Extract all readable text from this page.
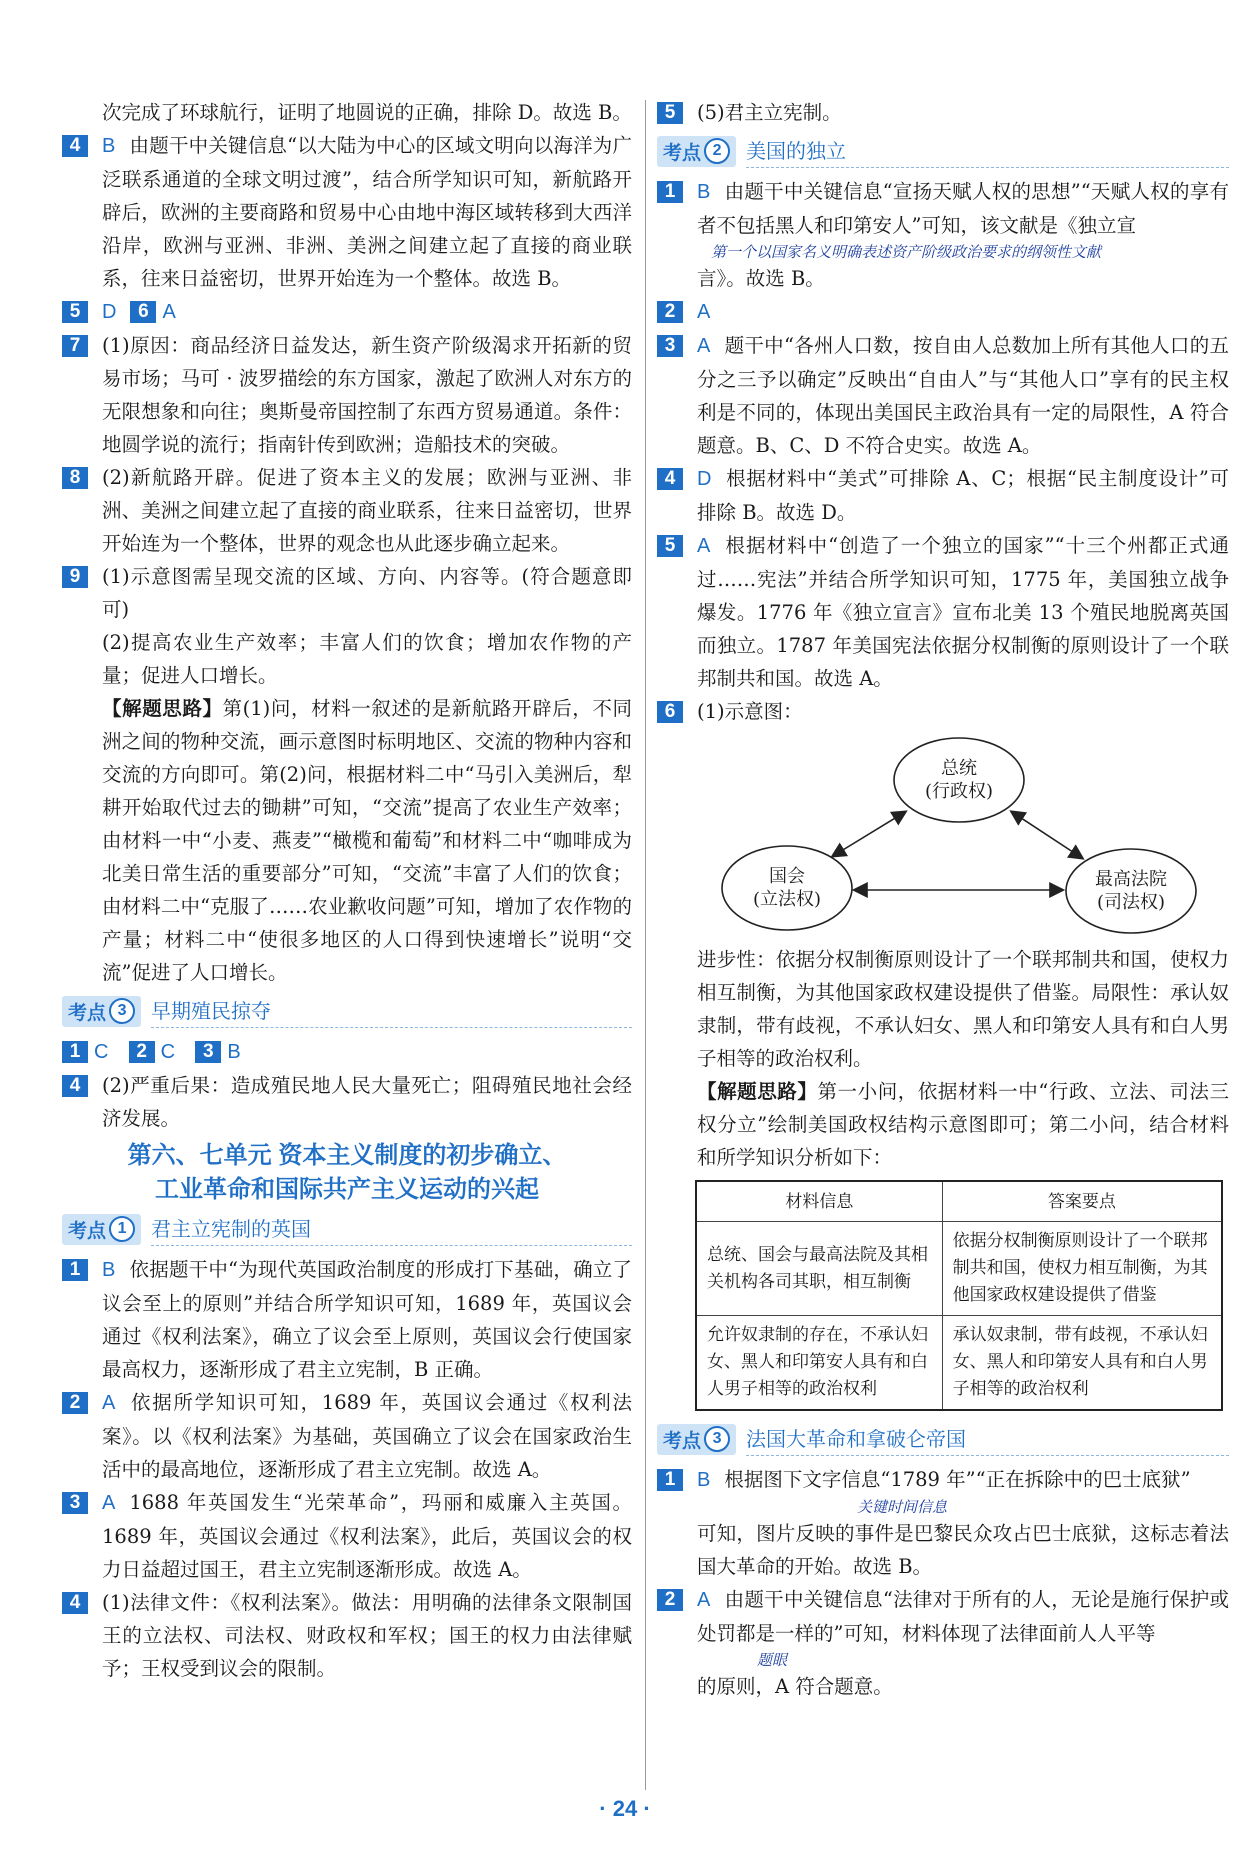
次完成了环球航行，证明了地圆说的正确，排除 D。故选 B。

4	B 由题干中关键信息“以大陆为中心的区域文明向以海洋为广泛联系通道的全球文明过渡”，结合所学知识可知，新航路开辟后，欧洲的主要商路和贸易中心由地中海区域转移到大西洋沿岸，欧洲与亚洲、非洲、美洲之间建立起了直接的商业联系，往来日益密切，世界开始连为一个整体。故选 B。

5	D 6 A

7	(1)原因：商品经济日益发达，新生资产阶级渴求开拓新的贸易市场；马可 · 波罗描绘的东方国家，激起了欧洲人对东方的无限想象和向往；奥斯曼帝国控制了东西方贸易通道。条件：地圆学说的流行；指南针传到欧洲；造船技术的突破。

8	(2)新航路开辟。促进了资本主义的发展；欧洲与亚洲、非洲、美洲之间建立起了直接的商业联系，往来日益密切，世界开始连为一个整体，世界的观念也从此逐步确立起来。

9	(1)示意图需呈现交流的区域、方向、内容等。(符合题意即可)

(2)提高农业生产效率；丰富人们的饮食；增加农作物的产量；促进人口增长。

【解题思路】第(1)问，材料一叙述的是新航路开辟后，不同洲之间的物种交流，画示意图时标明地区、交流的物种内容和交流的方向即可。第(2)问，根据材料二中“马引入美洲后，犁耕开始取代过去的锄耕”可知，“交流”提高了农业生产效率；由材料一中“小麦、燕麦”“橄榄和葡萄”和材料二中“咖啡成为北美日常生活的重要部分”可知，“交流”丰富了人们的饮食；由材料二中“克服了……农业歉收问题”可知，增加了农作物的产量；材料二中“使很多地区的人口得到快速增长”说明“交流”促进了人口增长。

考点 3	早期殖民掠夺

1 C 2 C 3 B

4	(2)严重后果：造成殖民地人民大量死亡；阻碍殖民地社会经济发展。

第六、七单元 资本主义制度的初步确立、
工业革命和国际共产主义运动的兴起
考点 1	君主立宪制的英国
1	B 依据题干中“为现代英国政治制度的形成打下基础，确立了议会至上的原则”并结合所学知识可知，1689 年，英国议会通过《权利法案》，确立了议会至上原则，英国议会行使国家最高权力，逐渐形成了君主立宪制，B 正确。

2	A 依据所学知识可知，1689 年，英国议会通过《权利法案》。以《权利法案》为基础，英国确立了议会在国家政治生活中的最高地位，逐渐形成了君主立宪制。故选 A。

3	A 1688 年英国发生“光荣革命”，玛丽和威廉入主英国。1689 年，英国议会通过《权利法案》，此后，英国议会的权力日益超过国王，君主立宪制逐渐形成。故选 A。

4	(1)法律文件：《权利法案》。做法：用明确的法律条文限制国王的立法权、司法权、财政权和军权；国王的权力由法律赋予；王权受到议会的限制。

5	(5)君主立宪制。

考点 2	美国的独立
1	B 由题干中关键信息“宣扬天赋人权的思想”“天赋人权的享有者不包括黑人和印第安人”可知，该文献是《独立宣

第一个以国家名义明确表述资产阶级政治要求的纲领性文献

言》。故选 B。

2	A

3	A 题干中“各州人口数，按自由人总数加上所有其他人口的五分之三予以确定”反映出“自由人”与“其他人口”享有的民主权利是不同的，体现出美国民主政治具有一定的局限性，A 符合题意。B、C、D 不符合史实。故选 A。

4	D 根据材料中“美式”可排除 A、C；根据“民主制度设计”可排除 B。故选 D。

5	A 根据材料中“创造了一个独立的国家”“十三个州都正式通过……宪法”并结合所学知识可知，1775 年，美国独立战争爆发。1776 年《独立宣言》宣布北美 13 个殖民地脱离英国而独立。1787 年美国宪法依据分权制衡的原则设计了一个联邦制共和国。故选 A。

6	(1)示意图：

总统
(行政权)
国会
(立法权)
最高法院
(司法权)

进步性：依据分权制衡原则设计了一个联邦制共和国，使权力相互制衡，为其他国家政权建设提供了借鉴。局限性：承认奴隶制，带有歧视，不承认妇女、黑人和印第安人具有和白人男子相等的政治权利。

【解题思路】第一小问，依据材料一中“行政、立法、司法三权分立”绘制美国政权结构示意图即可；第二小问，结合材料和所学知识分析如下：

材料信息	答案要点
总统、国会与最高法院及其相关机构各司其职，相互制衡	依据分权制衡原则设计了一个联邦制共和国，使权力相互制衡，为其他国家政权建设提供了借鉴
允许奴隶制的存在，不承认妇女、黑人和印第安人具有和白人男子相等的政治权利	承认奴隶制，带有歧视，不承认妇女、黑人和印第安人具有和白人男子相等的政治权利
考点 3	法国大革命和拿破仑帝国
1	B 根据图下文字信息“1789 年”“正在拆除中的巴士底狱”

关键时间信息

可知，图片反映的事件是巴黎民众攻占巴士底狱，这标志着法国大革命的开始。故选 B。

2	A 由题干中关键信息“法律对于所有的人，无论是施行保护或处罚都是一样的”可知，材料体现了法律面前人人平等

题眼

的原则，A 符合题意。

· 24 ·
